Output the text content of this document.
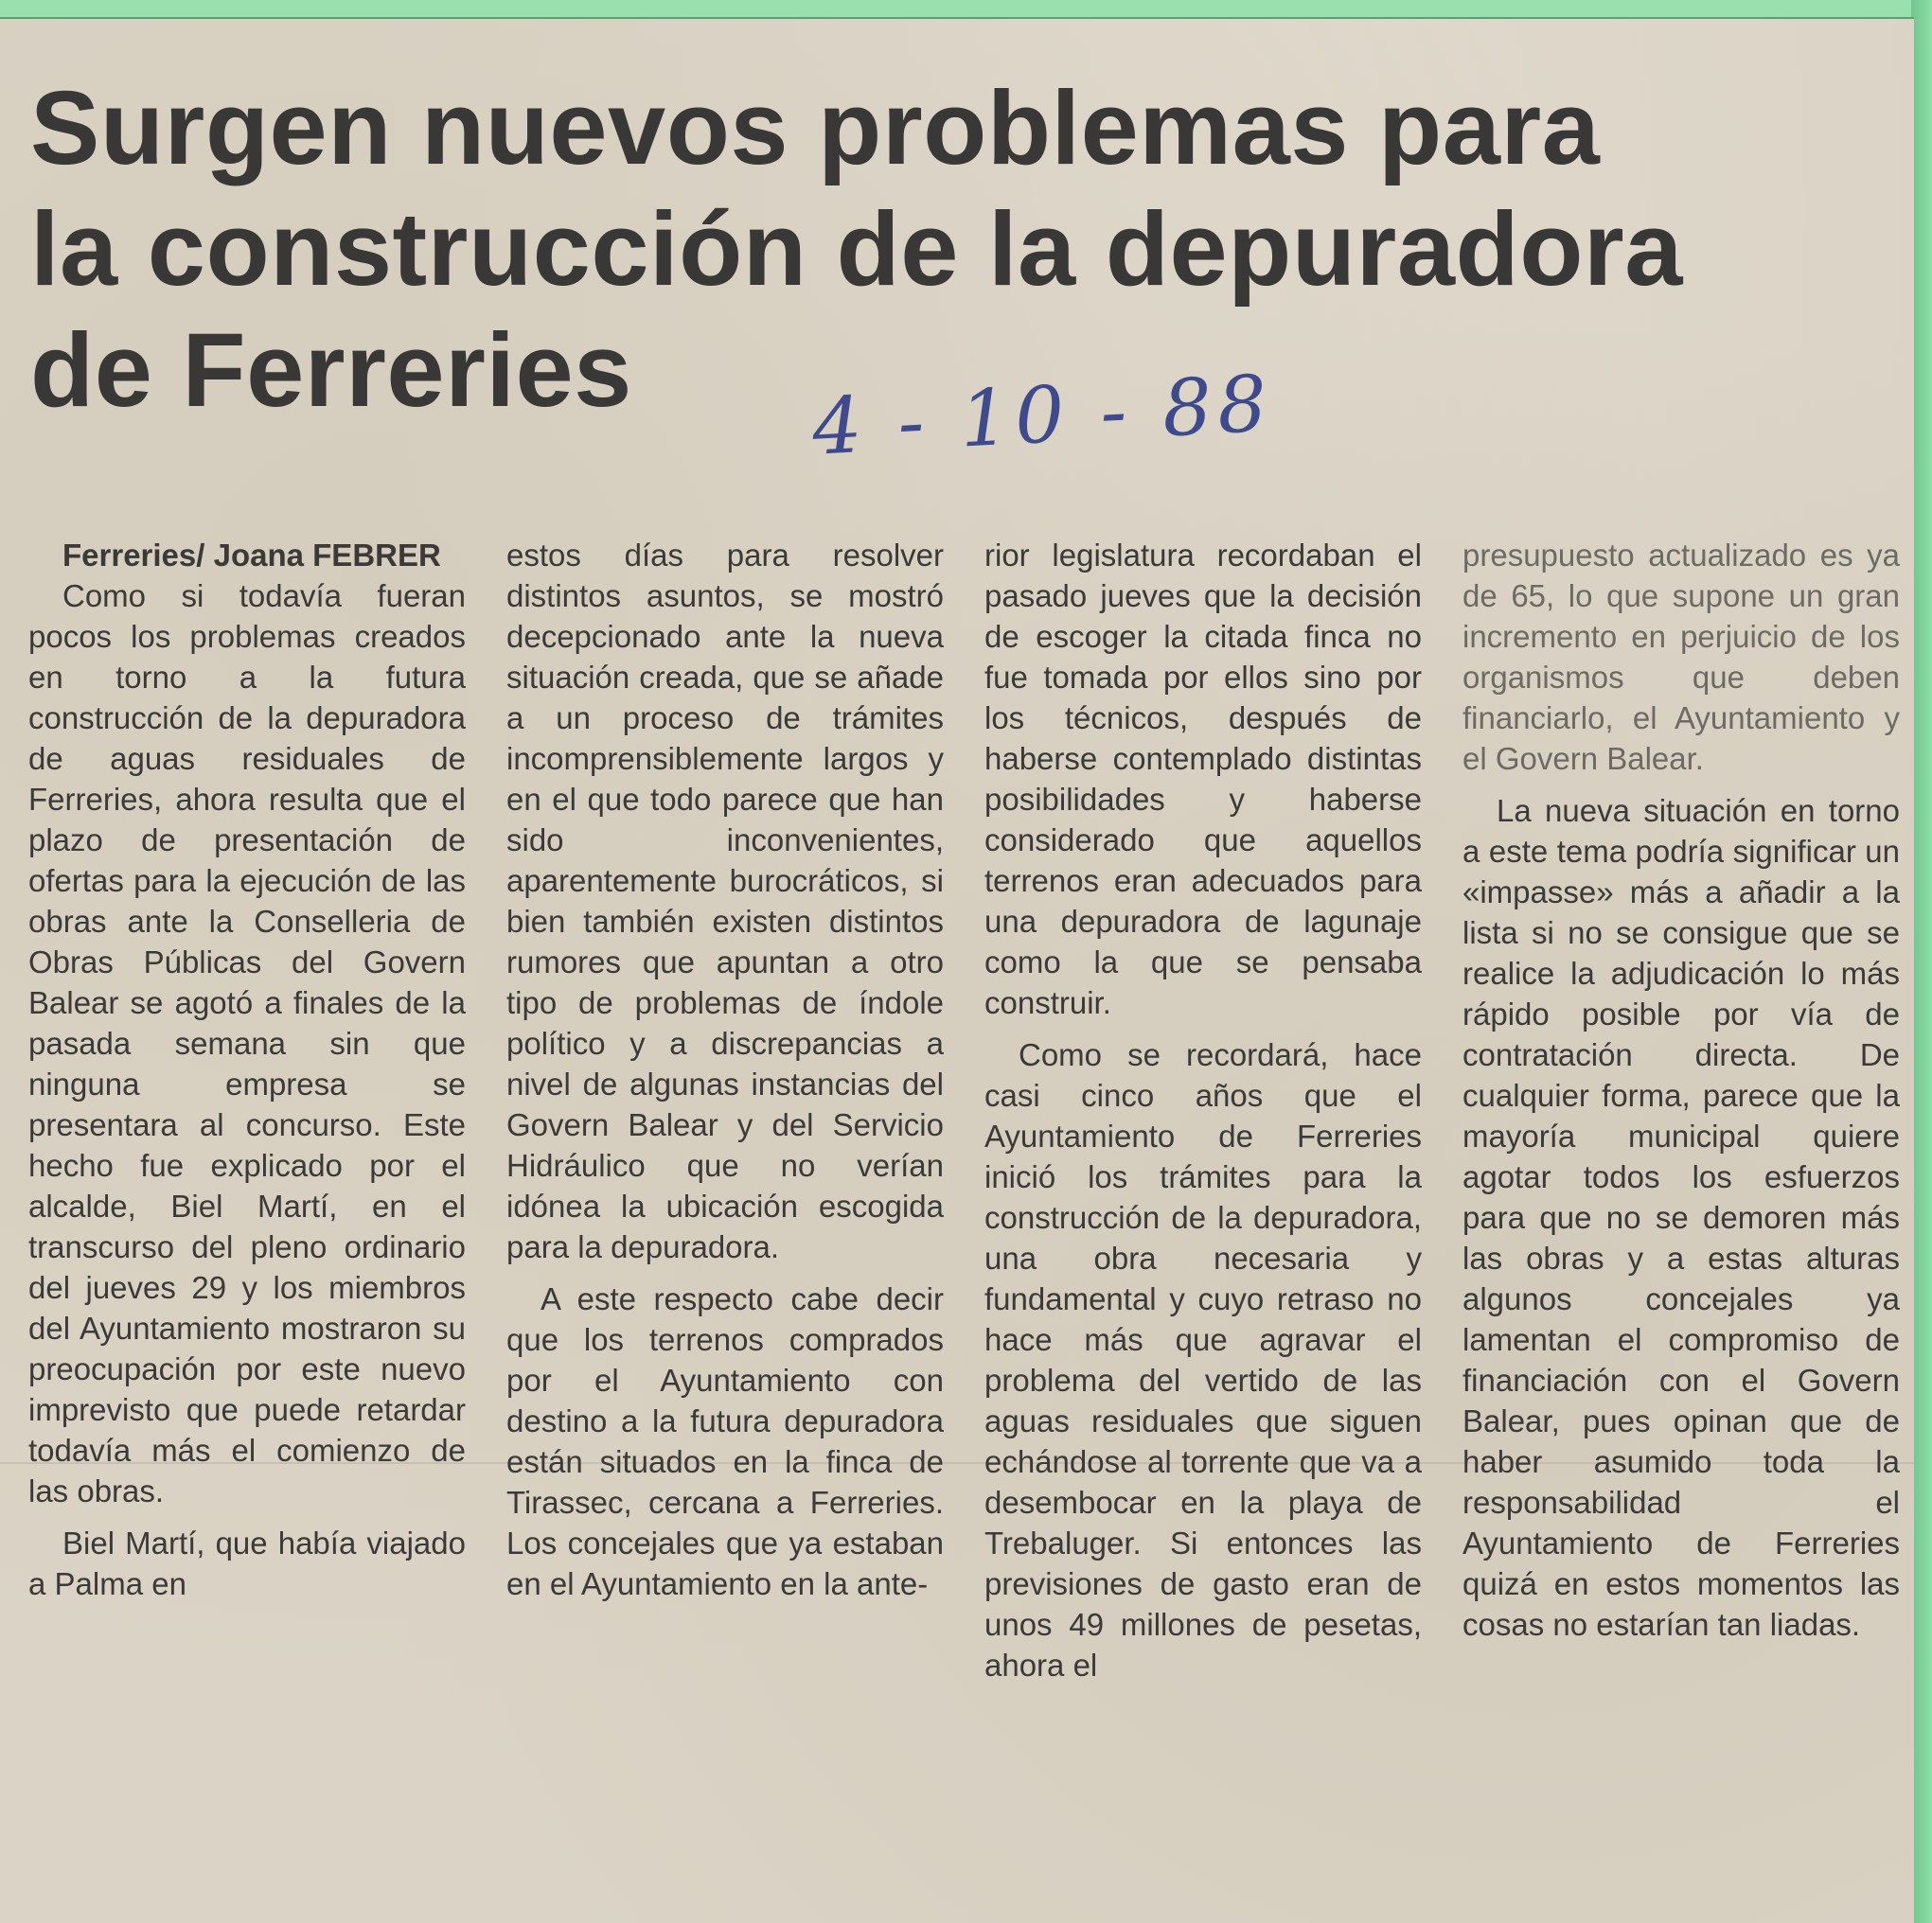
Surgen nuevos problemas para
la construcción de la depuradora
de Ferreries	4 - 10 - 88

Ferreries/ Joana FEBRER

Como si todavía fueran pocos los problemas creados en torno a la futura construcción de la depuradora de aguas residuales de Ferreries, ahora resulta que el plazo de presentación de ofertas para la ejecución de las obras ante la Conselleria de Obras Públicas del Govern Balear se agotó a finales de la pasada semana sin que ninguna empresa se presentara al concurso. Este hecho fue explicado por el alcalde, Biel Martí, en el transcurso del pleno ordinario del jueves 29 y los miembros del Ayuntamiento mostraron su preocupación por este nuevo imprevisto que puede retardar todavía más el comienzo de las obras.

Biel Martí, que había viajado a Palma en

estos días para resolver distintos asuntos, se mostró decepcionado ante la nueva situación creada, que se añade a un proceso de trámites incomprensiblemente largos y en el que todo parece que han sido inconvenientes, aparentemente burocráticos, si bien también existen distintos rumores que apuntan a otro tipo de problemas de índole político y a discrepancias a nivel de algunas instancias del Govern Balear y del Servicio Hidráulico que no verían idónea la ubicación escogida para la depuradora.

A este respecto cabe decir que los terrenos comprados por el Ayuntamiento con destino a la futura depuradora están situados en la finca de Tirassec, cercana a Ferreries. Los concejales que ya estaban en el Ayuntamiento en la ante-

rior legislatura recordaban el pasado jueves que la decisión de escoger la citada finca no fue tomada por ellos sino por los técnicos, después de haberse contemplado distintas posibilidades y haberse considerado que aquellos terrenos eran adecuados para una depuradora de lagunaje como la que se pensaba construir.

Como se recordará, hace casi cinco años que el Ayuntamiento de Ferreries inició los trámites para la construcción de la depuradora, una obra necesaria y fundamental y cuyo retraso no hace más que agravar el problema del vertido de las aguas residuales que siguen echándose al torrente que va a desembocar en la playa de Trebaluger. Si entonces las previsiones de gasto eran de unos 49 millones de pesetas, ahora el

presupuesto actualizado es ya de 65, lo que supone un gran incremento en perjuicio de los organismos que deben financiarlo, el Ayuntamiento y el Govern Balear.

La nueva situación en torno a este tema podría significar un «impasse» más a añadir a la lista si no se consigue que se realice la adjudicación lo más rápido posible por vía de contratación directa. De cualquier forma, parece que la mayoría municipal quiere agotar todos los esfuerzos para que no se demoren más las obras y a estas alturas algunos concejales ya lamentan el compromiso de financiación con el Govern Balear, pues opinan que de haber asumido toda la responsabilidad el Ayuntamiento de Ferreries quizá en estos momentos las cosas no estarían tan liadas.
